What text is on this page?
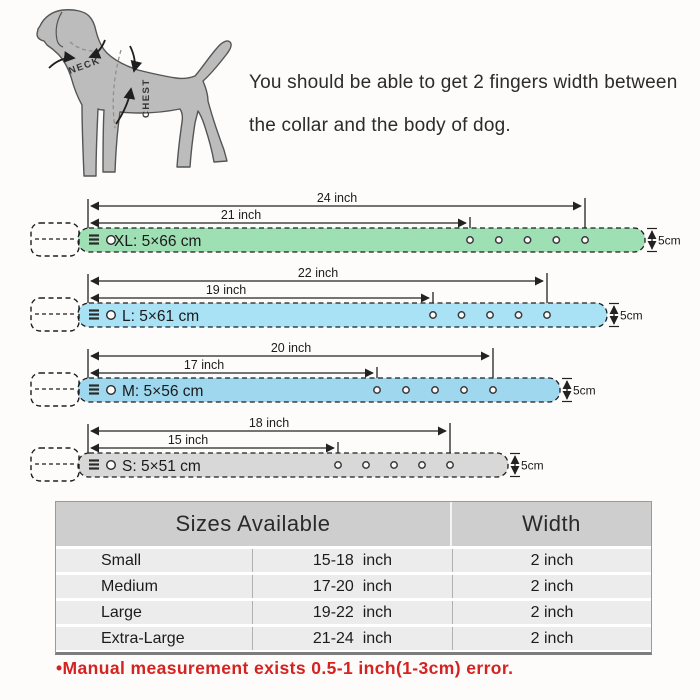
NECK
CHEST	You should be able to get 2 fingers width between
the collar and the body of dog.
24 inch
21 inch
XL: 5×66 cm	5cm
22 inch
19 inch
L: 5×61 cm	5cm
20 inch
17 inch
M: 5×56 cm	5cm
18 inch
15 inch
S: 5×51 cm	5cm
Sizes Available	Width
Small	15-18  inch	2 inch
Medium	17-20  inch	2 inch
Large	19-22  inch	2 inch
Extra-Large	21-24  inch	2 inch
•Manual measurement exists 0.5-1 inch(1-3cm) error.
